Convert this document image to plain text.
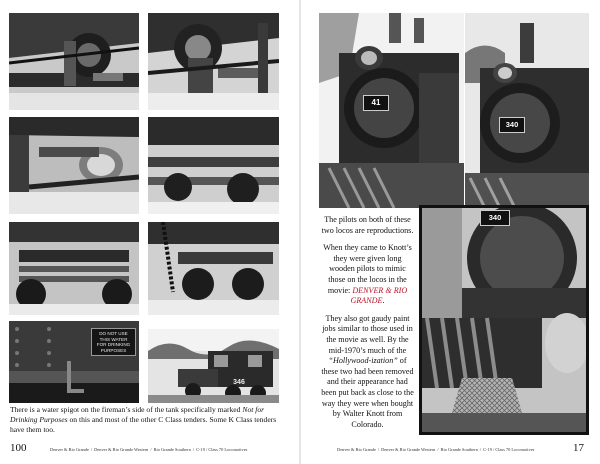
DO NOT USE
THIS WATER
FOR DRINKING
PURPOSES
346

There is a water spigot on the fireman’s side of the tank specifically marked Not for Drinking Purposes on this and most of the other C Class tenders. Some K Class tenders have them too.

100	Denver & Rio Grande / Denver & Rio Grande Western / Rio Grande Southern / C-19 / Class 70 Locomotives
41
340
340

The pilots on both of these two locos are reproductions.

When they came to Knott’s they were given long wooden pilots to mimic those on the locos in the movie: DENVER & RIO GRANDE.

They also got gaudy paint jobs similar to those used in the movie as well. By the mid-1970’s much of the “Hollywood-ization” of these two had been removed and their appearance had been put back as close to the way they were when bought by Walter Knott from Colorado.

Denver & Rio Grande / Denver & Rio Grande Western / Rio Grande Southern / C-19 / Class 70 Locomotives	17
